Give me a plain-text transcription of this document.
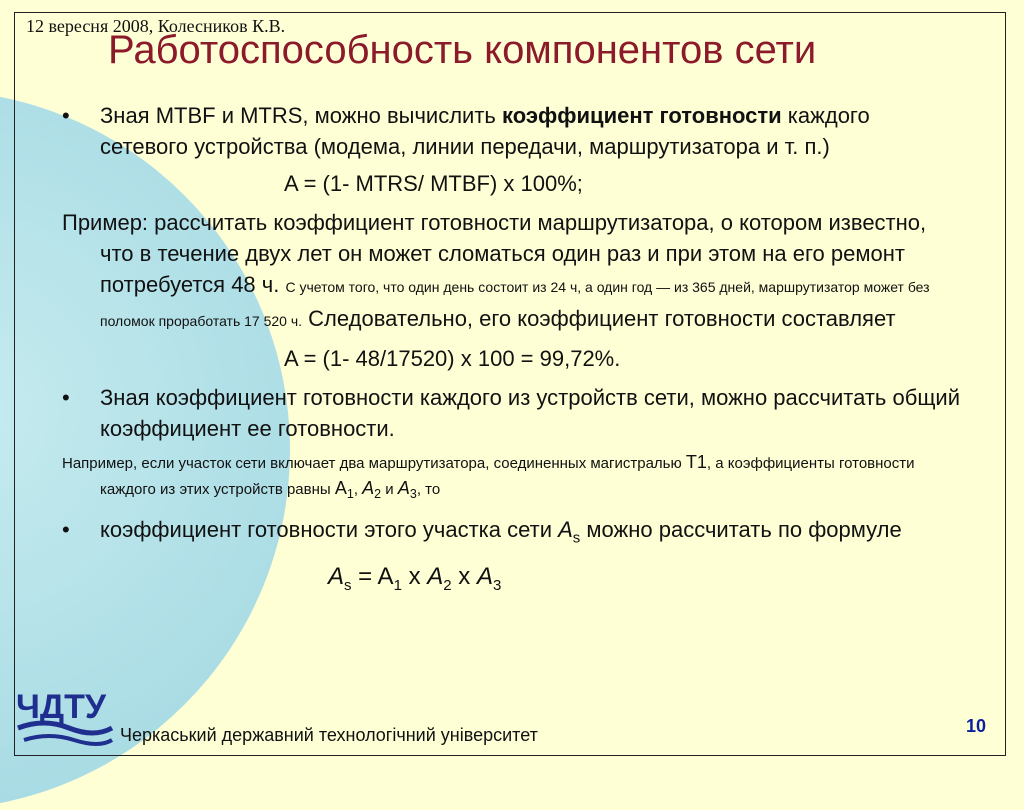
12 вересня 2008, Колесников К.В.
Работоспособность компонентов сети
• Зная MTBF и MTRS, можно вычислить коэффициент готовности каждого сетевого устройства (модема, линии передачи, маршрутизатора и т. п.)
A = (1- MTRS/ MTBF) x 100%;
Пример: рассчитать коэффициент готовности маршрутизатора, о котором известно, что в течение двух лет он может сломаться один раз и при этом на его ремонт потребуется 48 ч. С учетом того, что один день состоит из 24 ч, а один год — из 365 дней, маршрутизатор может без поломок проработать 17 520 ч. Следовательно, его коэффициент готовности составляет
A = (1- 48/17520) x 100 = 99,72%.
• Зная коэффициент готовности каждого из устройств сети, можно рассчитать общий коэффициент ее готовности.
Например, если участок сети включает два маршрутизатора, соединенных магистралью T1, а коэффициенты готовности каждого из этих устройств равны $A_1$, $A_2$ и $A_3$, то
• коэффициент готовности этого участка сети $A_s$ можно рассчитать по формуле
$A_s = A_1$ x $A_2$ x $A_3$
ЧДТУ
Черкаський державний технологічний університет	10
